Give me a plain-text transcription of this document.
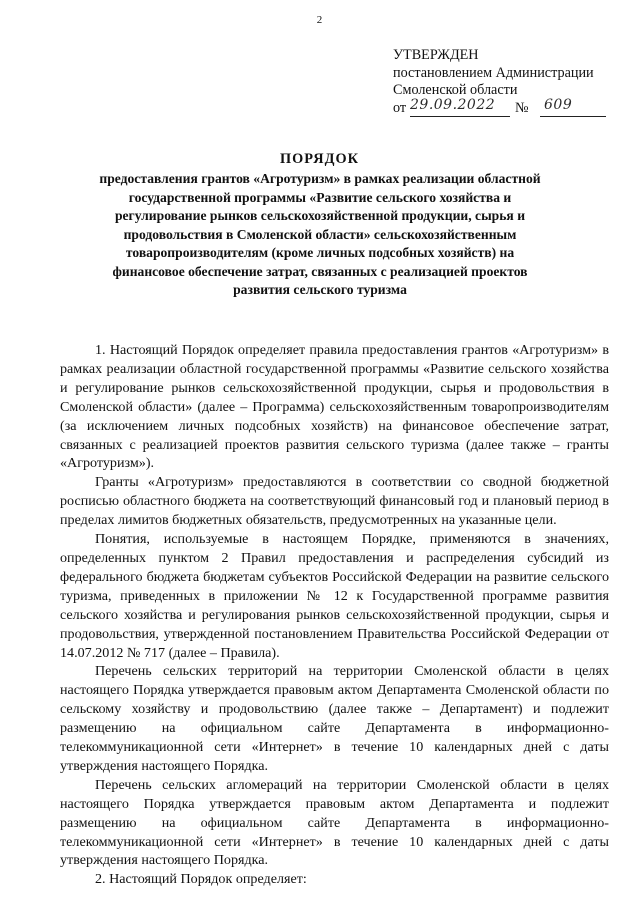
2
УТВЕРЖДЕН
постановлением Администрации
Смоленской области
от 29.09.2022	№ 609
ПОРЯДОК
предоставления грантов «Агротуризм» в рамках реализации областной государственной программы «Развитие сельского хозяйства и регулирование рынков сельскохозяйственной продукции, сырья и продовольствия в Смоленской области» сельскохозяйственным товаропроизводителям (кроме личных подсобных хозяйств) на финансовое обеспечение затрат, связанных с реализацией проектов развития сельского туризма

1. Настоящий Порядок определяет правила предоставления грантов «Агротуризм» в рамках реализации областной государственной программы «Развитие сельского хозяйства и регулирование рынков сельскохозяйственной продукции, сырья и продовольствия в Смоленской области» (далее – Программа) сельскохозяйственным товаропроизводителям (за исключением личных подсобных хозяйств) на финансовое обеспечение затрат, связанных с реализацией проектов развития сельского туризма (далее также – гранты «Агротуризм»).

Гранты «Агротуризм» предоставляются в соответствии со сводной бюджетной росписью областного бюджета на соответствующий финансовый год и плановый период в пределах лимитов бюджетных обязательств, предусмотренных на указанные цели.

Понятия, используемые в настоящем Порядке, применяются в значениях, определенных пунктом 2 Правил предоставления и распределения субсидий из федерального бюджета бюджетам субъектов Российской Федерации на развитие сельского туризма, приведенных в приложении № 12 к Государственной программе развития сельского хозяйства и регулирования рынков сельскохозяйственной продукции, сырья и продовольствия, утвержденной постановлением Правительства Российской Федерации от 14.07.2012 № 717 (далее – Правила).

Перечень сельских территорий на территории Смоленской области в целях настоящего Порядка утверждается правовым актом Департамента Смоленской области по сельскому хозяйству и продовольствию (далее также – Департамент) и подлежит размещению на официальном сайте Департамента в информационно-телекоммуникационной сети «Интернет» в течение 10 календарных дней с даты утверждения настоящего Порядка.

Перечень сельских агломераций на территории Смоленской области в целях настоящего Порядка утверждается правовым актом Департамента и подлежит размещению на официальном сайте Департамента в информационно-телекоммуникационной сети «Интернет» в течение 10 календарных дней с даты утверждения настоящего Порядка.

2. Настоящий Порядок определяет:
